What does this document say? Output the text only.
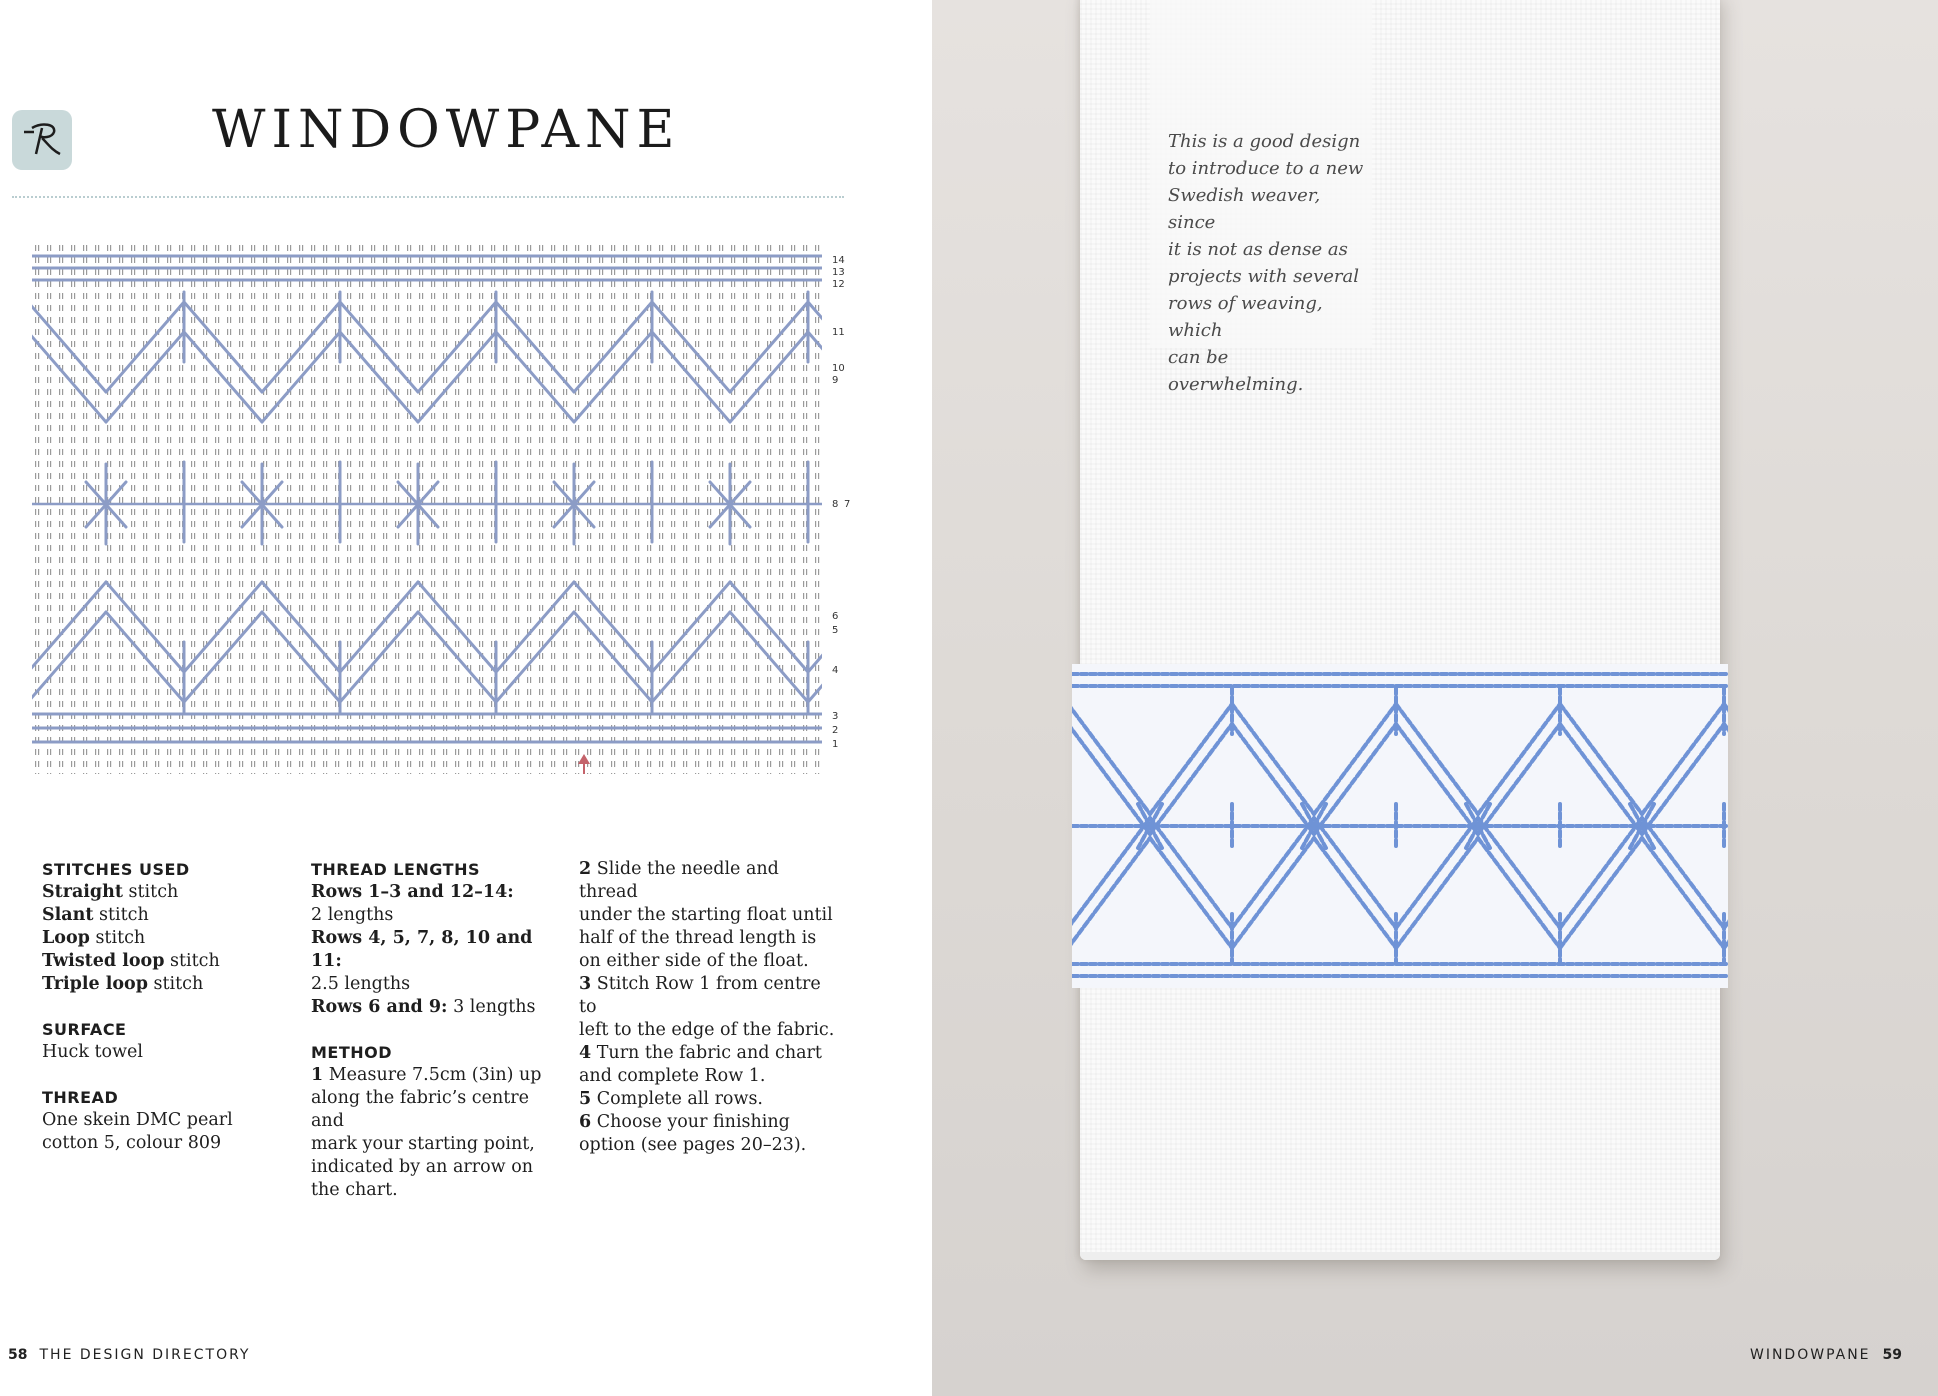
WINDOWPANE
14
13
12
11
10
9
8 7
6
5
4
3
2
1
STITCHES USED
Straight stitch
Slant stitch
Loop stitch
Twisted loop stitch
Triple loop stitch
SURFACE
Huck towel
THREAD
One skein DMC pearl
cotton 5, colour 809
THREAD LENGTHS
Rows 1–3 and 12–14:
2 lengths
Rows 4, 5, 7, 8, 10 and 11:
2.5 lengths
Rows 6 and 9: 3 lengths
METHOD
1 Measure 7.5cm (3in) up
along the fabric’s centre and
mark your starting point,
indicated by an arrow on
the chart.
2 Slide the needle and thread
under the starting float until
half of the thread length is
on either side of the float.
3 Stitch Row 1 from centre to
left to the edge of the fabric.
4 Turn the fabric and chart
and complete Row 1.
5 Complete all rows.
6 Choose your finishing
option (see pages 20–23).
58 THE DESIGN DIRECTORY
This is a good design
to introduce to a new
Swedish weaver, since
it is not as dense as
projects with several
rows of weaving, which
can be overwhelming.
WINDOWPANE 59
